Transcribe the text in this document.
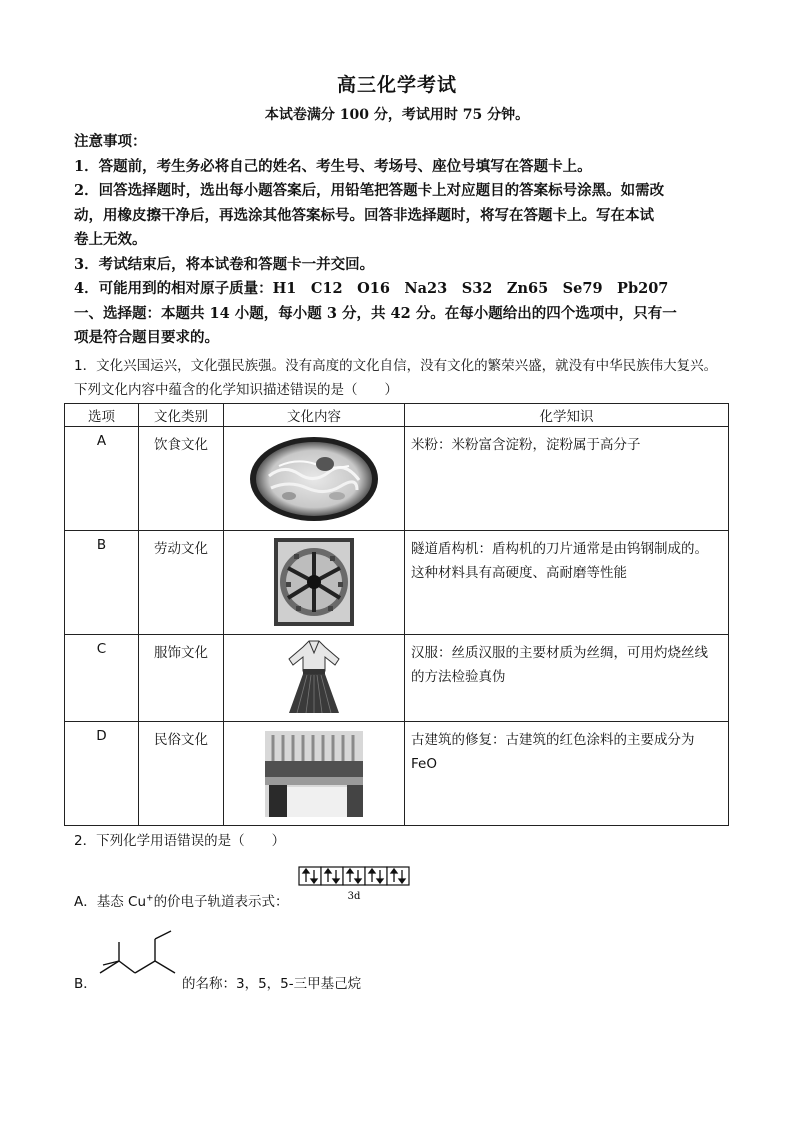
高三化学考试
本试卷满分 100 分，考试用时 75 分钟。

注意事项：

1．答题前，考生务必将自己的姓名、考生号、考场号、座位号填写在答题卡上。

2．回答选择题时，选出每小题答案后，用铅笔把答题卡上对应题目的答案标号涂黑。如需改

动，用橡皮擦干净后，再选涂其他答案标号。回答非选择题时，将写在答题卡上。写在本试

卷上无效。

3．考试结束后，将本试卷和答题卡一并交回。

4．可能用到的相对原子质量：H1　C12　O16　Na23　S32　Zn65　Se79　Pb207

一、选择题：本题共 14 小题，每小题 3 分，共 42 分。在每小题给出的四个选项中，只有一

项是符合题目要求的。

1．文化兴国运兴，文化强民族强。没有高度的文化自信，没有文化的繁荣兴盛，就没有中华民族伟大复兴。

下列文化内容中蕴含的化学知识描述错误的是（　　）

选项	文化类别	文化内容	化学知识
A	饮食文化		米粉：米粉富含淀粉，淀粉属于高分子

B	劳动文化		隧道盾构机：盾构机的刀片通常是由钨钢制成的。
这种材料具有高硬度、高耐磨等性能

C	服饰文化		汉服：丝质汉服的主要材质为丝绸，可用灼烧丝线
的方法检验真伪

D	民俗文化		古建筑的修复：古建筑的红色涂料的主要成分为
FeO
2．下列化学用语错误的是（　　）
A．基态 Cu+的价电子轨道表示式：	3d
B．	的名称：3，5，5-三甲基己烷
